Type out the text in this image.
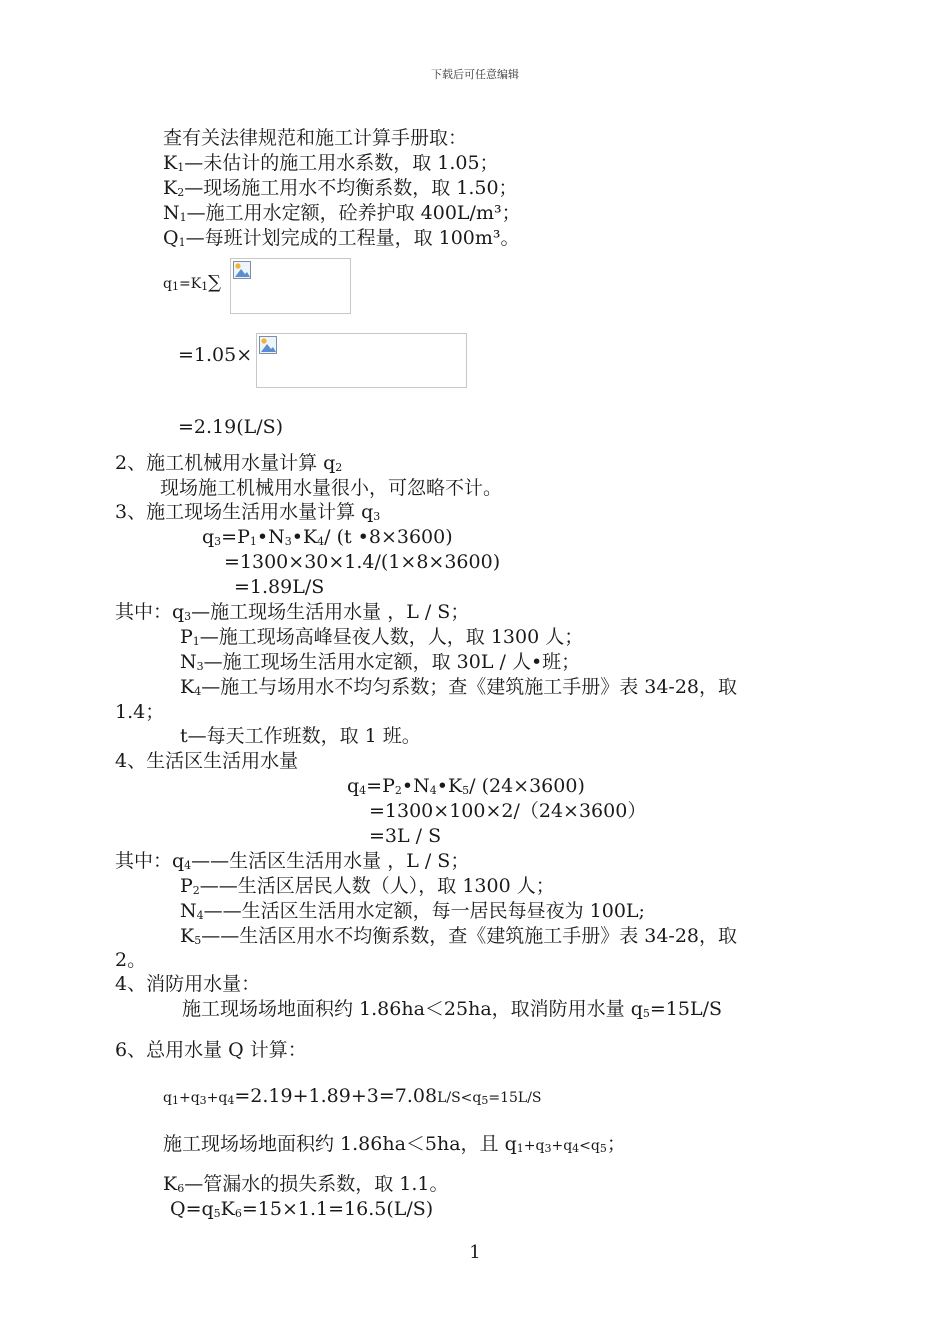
下载后可任意编辑
查有关法律规范和施工计算手册取：
$K_1—$未估计的施工用水系数，取 1.05；
$K_2—$现场施工用水不均衡系数，取 1.50；
$N_1—$施工用水定额，砼养护取 400L/m³；
$Q_1—$每班计划完成的工程量，取 100m³。
$q_1=K_1\sum$
=1.05×
=2.19(L/S)
2、施工机械用水量计算 $q_2$
现场施工机械用水量很小，可忽略不计。
3、施工现场生活用水量计算 $q_3$
$q_3=P_1•N_3•K_4/$ (t •8×3600)
=1300×30×1.4/(1×8×3600)
=1.89L/S
其中：$q_3—$施工现场生活用水量 ，L / S；
$P_1—$施工现场高峰昼夜人数，人，取 1300 人；
$N_3—$施工现场生活用水定额，取 30L / 人•班；
$K_4—$施工与场用水不均匀系数；查《建筑施工手册》表 34-28，取
1.4；
t—每天工作班数，取 1 班。
4、生活区生活用水量
$q_4=P_2•N_4•K_5/$ (24×3600)
=1300×100×2/（24×3600）
=3L / S
其中：$q_4——$生活区生活用水量 ，L / S；
$P_2——$生活区居民人数（人），取 1300 人；
$N_4——$生活区生活用水定额，每一居民每昼夜为 100L;
$K_5——$生活区用水不均衡系数，查《建筑施工手册》表 34-28，取
2。
4、消防用水量：
施工现场场地面积约 1.86ha＜25ha，取消防用水量 $q_5=15L/S$
6、总用水量 Q 计算：
$q_1+q_3+q_4=2.19+1.89+3=7.08L/S<q_5=15L/S$
施工现场场地面积约 1.86ha＜5ha，且 $q_1+q_3+q_4<q_5$；
$K_6—$管漏水的损失系数，取 1.1。
$Q=q_5K_6=15\times 1.1=16.5(L/S)$
1
